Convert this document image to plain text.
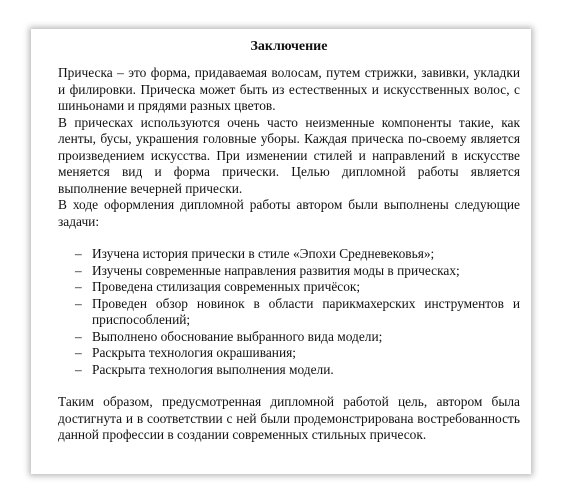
Заключение

Прическа – это форма, придаваемая волосам, путем стрижки, завивки, укладки и филировки. Прическа может быть из естественных и искусственных волос, с шиньонами и прядями разных цветов.

В прическах используются очень часто неизменные компоненты такие, как ленты, бусы, украшения головные уборы. Каждая прическа по-своему является произведением искусства. При изменении стилей и направлений в искусстве меняется вид и форма прически. Целью дипломной работы является выполнение вечерней прически.

В ходе оформления дипломной работы автором были выполнены следующие задачи:

– Изучена история прически в стиле «Эпохи Средневековья»;
– Изучены современные направления развития моды в прическах;
– Проведена стилизация современных причёсок;
– Проведен обзор новинок в области парикмахерских инструментов и приспособлений;
– Выполнено обоснование выбранного вида модели;
– Раскрыта технология окрашивания;
– Раскрыта технология выполнения модели.

Таким образом, предусмотренная дипломной работой цель, автором была достигнута и в соответствии с ней были продемонстрирована востребованность данной профессии в создании современных стильных причесок.
